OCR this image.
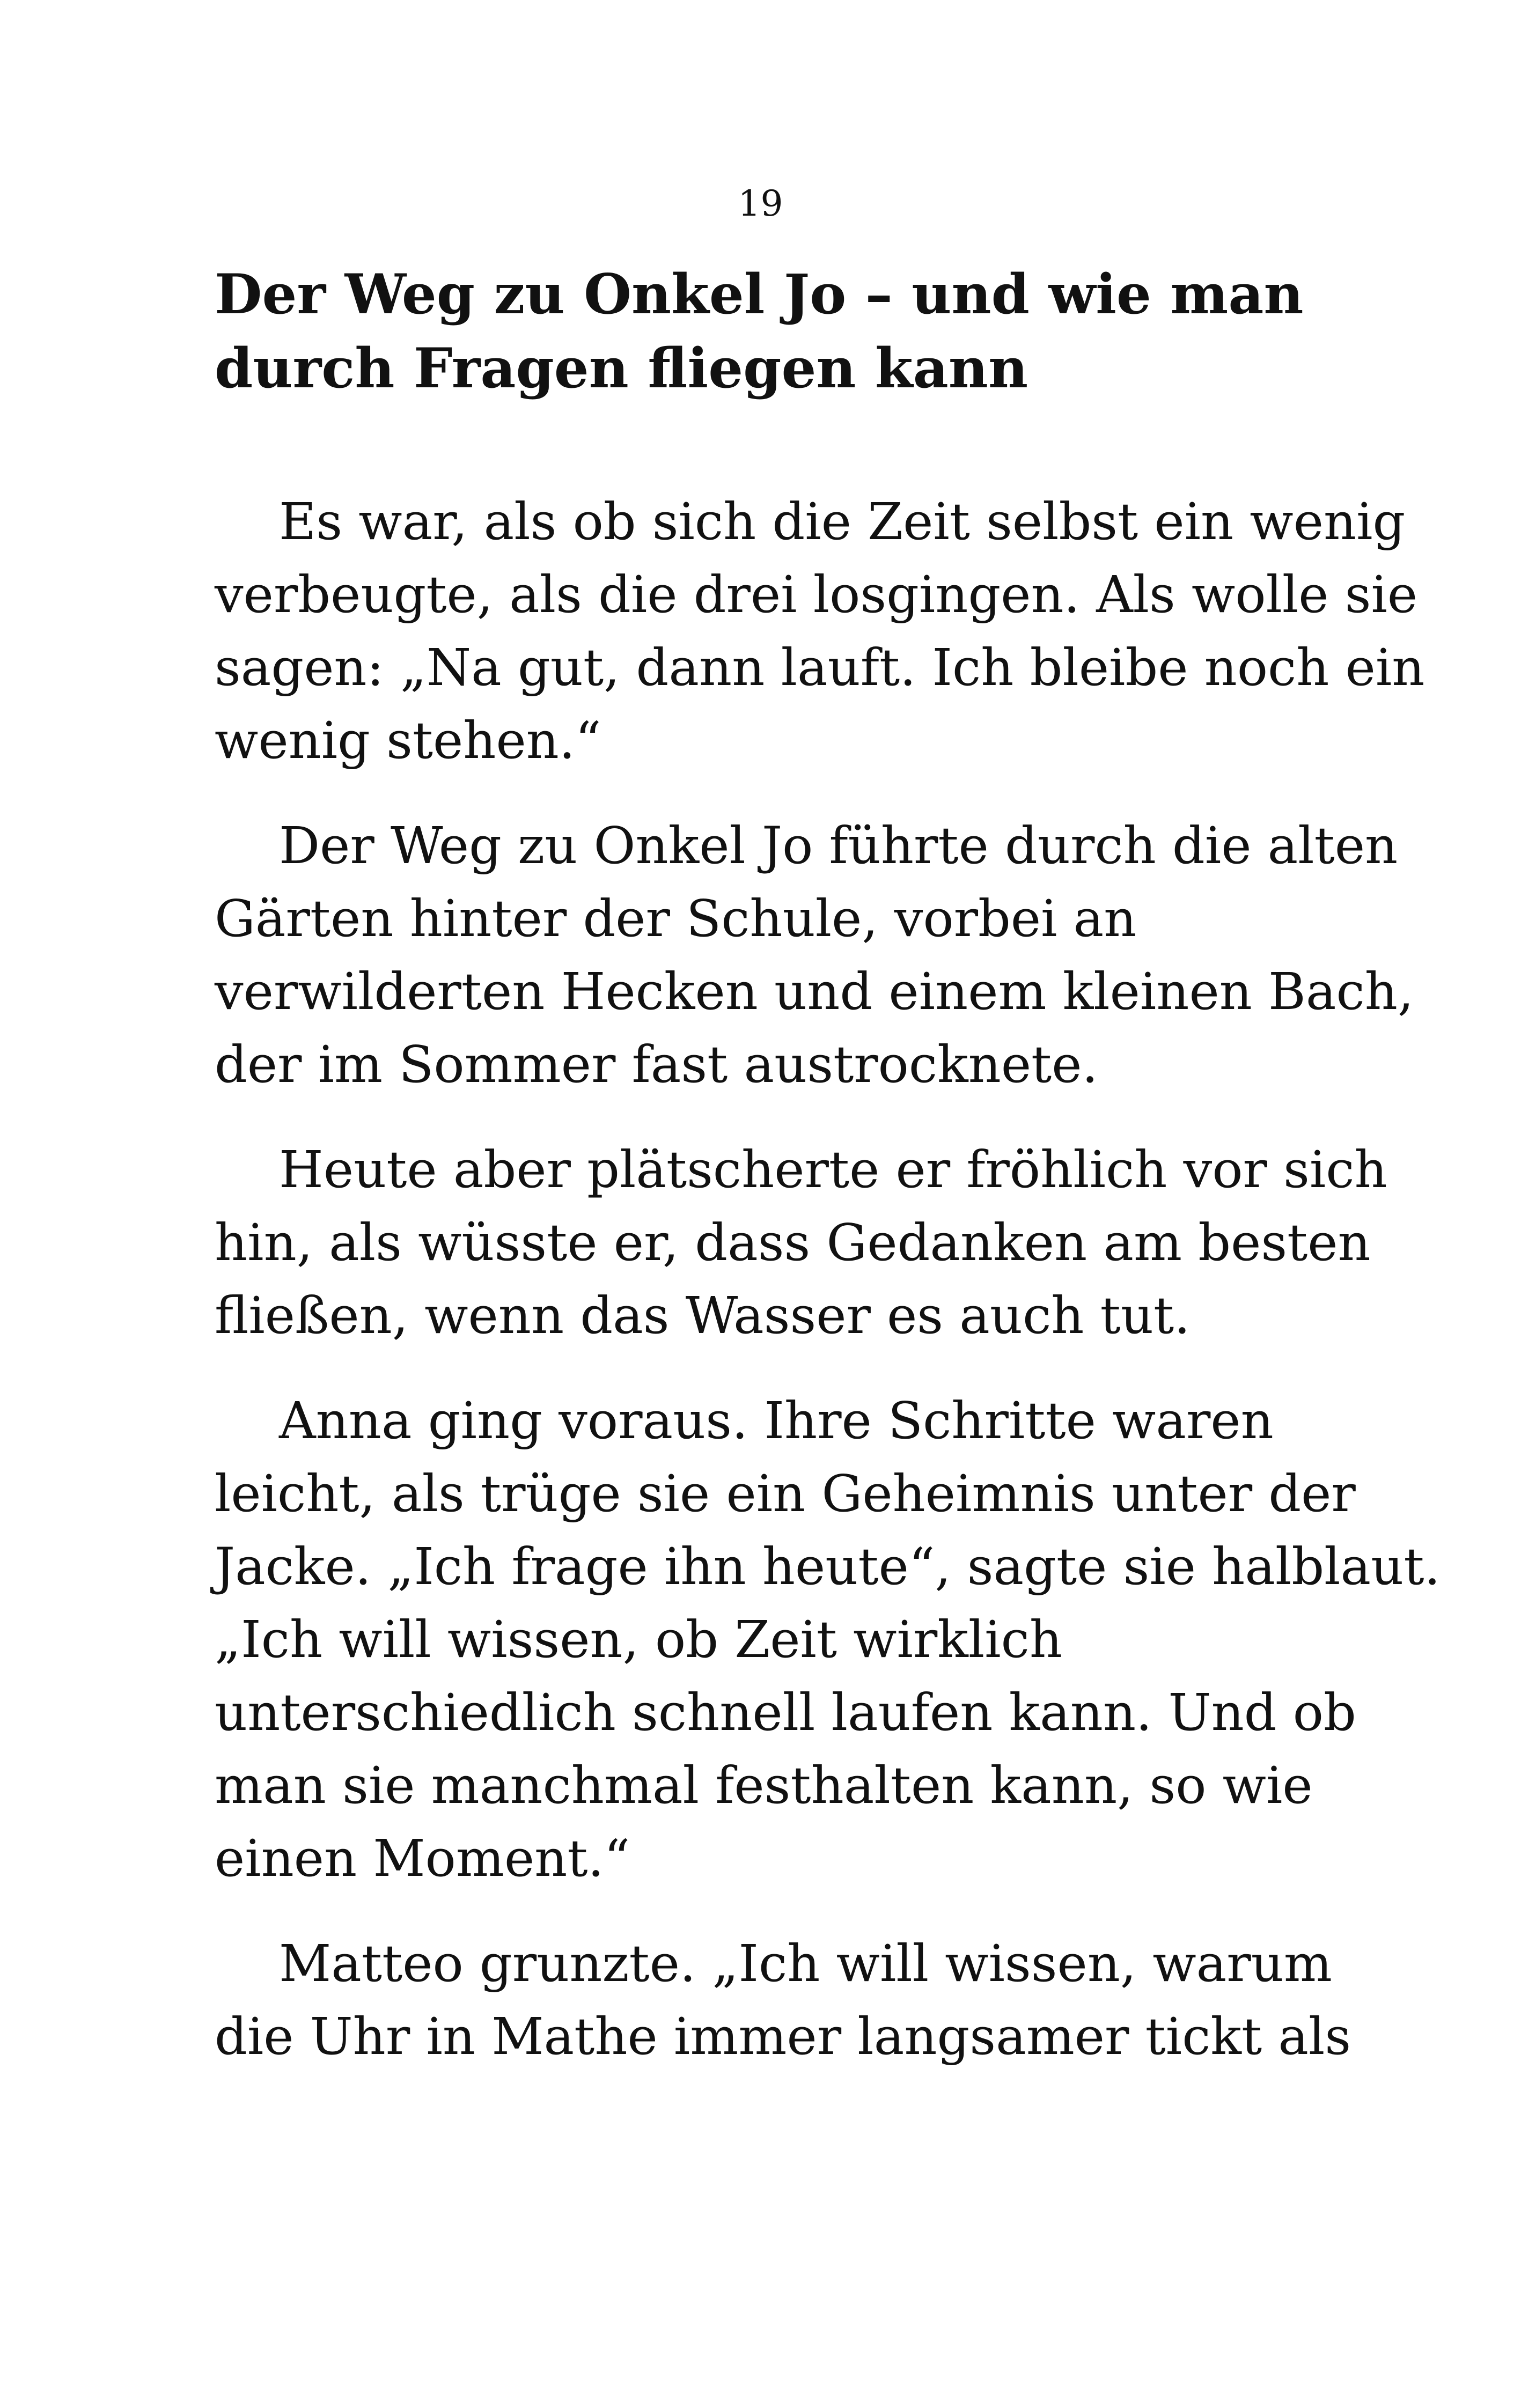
19
Der Weg zu Onkel Jo – und wie man
durch Fragen fliegen kann

Es war, als ob sich die Zeit selbst ein wenig
verbeugte, als die drei losgingen. Als wolle sie
sagen: „Na gut, dann lauft. Ich bleibe noch ein
wenig stehen.“

Der Weg zu Onkel Jo führte durch die alten
Gärten hinter der Schule, vorbei an
verwilderten Hecken und einem kleinen Bach,
der im Sommer fast austrocknete.

Heute aber plätscherte er fröhlich vor sich
hin, als wüsste er, dass Gedanken am besten
fließen, wenn das Wasser es auch tut.

Anna ging voraus. Ihre Schritte waren
leicht, als trüge sie ein Geheimnis unter der
Jacke. „Ich frage ihn heute“, sagte sie halblaut.
„Ich will wissen, ob Zeit wirklich
unterschiedlich schnell laufen kann. Und ob
man sie manchmal festhalten kann, so wie
einen Moment.“

Matteo grunzte. „Ich will wissen, warum
die Uhr in Mathe immer langsamer tickt als
